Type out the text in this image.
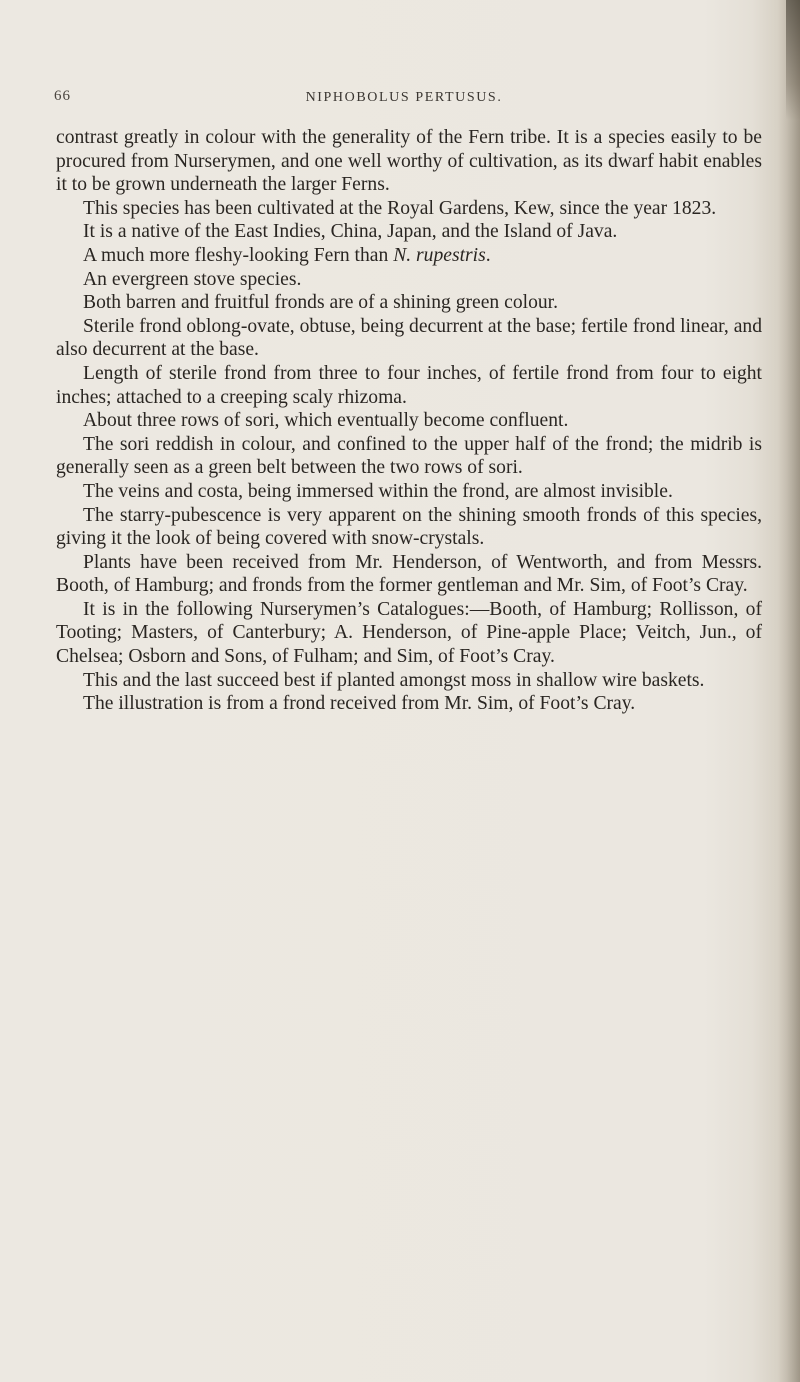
66	NIPHOBOLUS PERTUSUS.

contrast greatly in colour with the generality of the Fern tribe. It is a species easily to be procured from Nurserymen, and one well worthy of cultivation, as its dwarf habit enables it to be grown underneath the larger Ferns.

This species has been cultivated at the Royal Gardens, Kew, since the year 1823.

It is a native of the East Indies, China, Japan, and the Island of Java.

A much more fleshy-looking Fern than N. rupestris.

An evergreen stove species.

Both barren and fruitful fronds are of a shining green colour.

Sterile frond oblong-ovate, obtuse, being decurrent at the base; fertile frond linear, and also decurrent at the base.

Length of sterile frond from three to four inches, of fertile frond from four to eight inches; attached to a creeping scaly rhizoma.

About three rows of sori, which eventually become confluent.

The sori reddish in colour, and confined to the upper half of the frond; the midrib is generally seen as a green belt between the two rows of sori.

The veins and costa, being immersed within the frond, are almost invisible.

The starry-pubescence is very apparent on the shining smooth fronds of this species, giving it the look of being covered with snow-crystals.

Plants have been received from Mr. Henderson, of Wentworth, and from Messrs. Booth, of Hamburg; and fronds from the former gentleman and Mr. Sim, of Foot’s Cray.

It is in the following Nurserymen’s Catalogues:—Booth, of Hamburg; Rollisson, of Tooting; Masters, of Canterbury; A. Henderson, of Pine-apple Place; Veitch, Jun., of Chelsea; Osborn and Sons, of Fulham; and Sim, of Foot’s Cray.

This and the last succeed best if planted amongst moss in shallow wire baskets.

The illustration is from a frond received from Mr. Sim, of Foot’s Cray.
